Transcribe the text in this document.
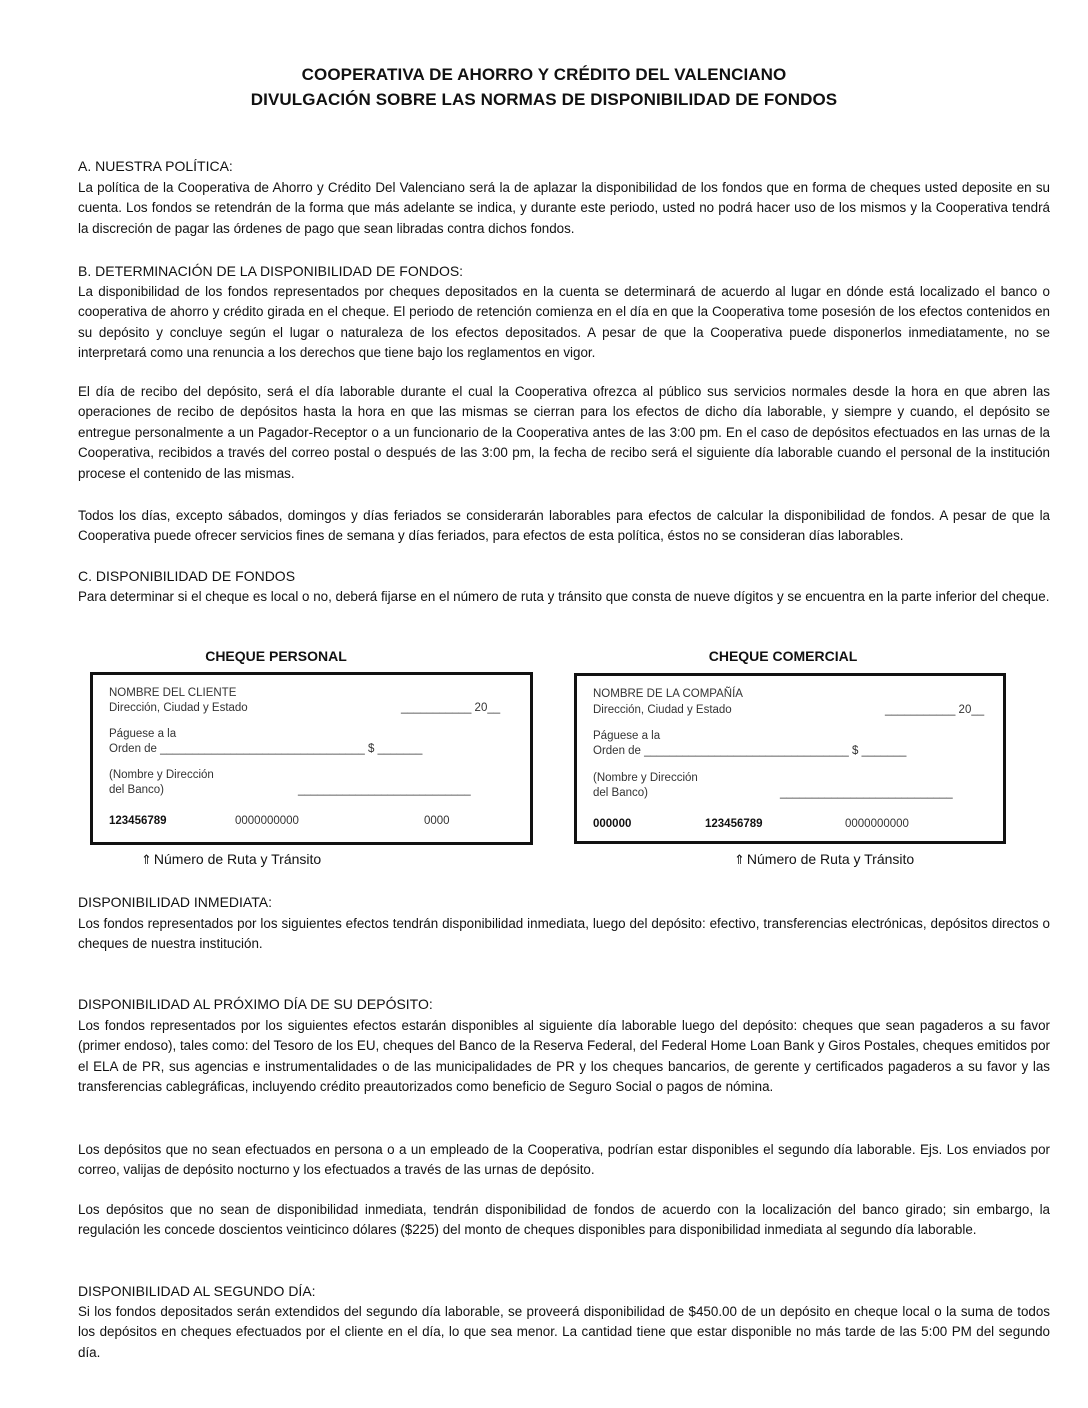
COOPERATIVA DE AHORRO Y CRÉDITO DEL VALENCIANO
DIVULGACIÓN SOBRE LAS NORMAS DE DISPONIBILIDAD DE FONDOS
A. NUESTRA POLÍTICA:
La política de la Cooperativa de Ahorro y Crédito Del Valenciano será la de aplazar la disponibilidad de los fondos que en forma de cheques usted deposite en su cuenta. Los fondos se retendrán de la forma que más adelante se indica, y durante este periodo, usted no podrá hacer uso de los mismos y la Cooperativa tendrá la discreción de pagar las órdenes de pago que sean libradas contra dichos fondos.
B. DETERMINACIÓN DE LA DISPONIBILIDAD DE FONDOS:
La disponibilidad de los fondos representados por cheques depositados en la cuenta se determinará de acuerdo al lugar en dónde está localizado el banco o cooperativa de ahorro y crédito girada en el cheque. El periodo de retención comienza en el día en que la Cooperativa tome posesión de los efectos contenidos en su depósito y concluye según el lugar o naturaleza de los efectos depositados. A pesar de que la Cooperativa puede disponerlos inmediatamente, no se interpretará como una renuncia a los derechos que tiene bajo los reglamentos en vigor.
El día de recibo del depósito, será el día laborable durante el cual la Cooperativa ofrezca al público sus servicios normales desde la hora en que abren las operaciones de recibo de depósitos hasta la hora en que las mismas se cierran para los efectos de dicho día laborable, y siempre y cuando, el depósito se entregue personalmente a un Pagador-Receptor o a un funcionario de la Cooperativa antes de las 3:00 pm. En el caso de depósitos efectuados en las urnas de la Cooperativa, recibidos a través del correo postal o después de las 3:00 pm, la fecha de recibo será el siguiente día laborable cuando el personal de la institución procese el contenido de las mismas.
Todos los días, excepto sábados, domingos y días feriados se considerarán laborables para efectos de calcular la disponibilidad de fondos. A pesar de que la Cooperativa puede ofrecer servicios fines de semana y días feriados, para efectos de esta política, éstos no se consideran días laborables.
C. DISPONIBILIDAD DE FONDOS
Para determinar si el cheque es local o no, deberá fijarse en el número de ruta y tránsito que consta de nueve dígitos y se encuentra en la parte inferior del cheque.
CHEQUE PERSONAL
NOMBRE DEL CLIENTE
Dirección, Ciudad y Estado	___________ 20__
Páguese a la
Orden de ________________________________ $ _______
(Nombre y Dirección
del Banco)	___________________________
123456789	0000000000	0000
⇑ Número de Ruta y Tránsito
CHEQUE COMERCIAL
NOMBRE DE LA COMPAÑÍA
Dirección, Ciudad y Estado	___________ 20__
Páguese a la
Orden de ________________________________ $ _______
(Nombre y Dirección
del Banco)	___________________________
000000	123456789	0000000000
⇑ Número de Ruta y Tránsito
DISPONIBILIDAD INMEDIATA:
Los fondos representados por los siguientes efectos tendrán disponibilidad inmediata, luego del depósito: efectivo, transferencias electrónicas, depósitos directos o cheques de nuestra institución.
DISPONIBILIDAD AL PRÓXIMO DÍA DE SU DEPÓSITO:
Los fondos representados por los siguientes efectos estarán disponibles al siguiente día laborable luego del depósito: cheques que sean pagaderos a su favor (primer endoso), tales como: del Tesoro de los EU, cheques del Banco de la Reserva Federal, del Federal Home Loan Bank y Giros Postales, cheques emitidos por el ELA de PR, sus agencias e instrumentalidades o de las municipalidades de PR y los cheques bancarios, de gerente y certificados pagaderos a su favor y las transferencias cablegráficas, incluyendo crédito preautorizados como beneficio de Seguro Social o pagos de nómina.
Los depósitos que no sean efectuados en persona o a un empleado de la Cooperativa, podrían estar disponibles el segundo día laborable. Ejs. Los enviados por correo, valijas de depósito nocturno y los efectuados a través de las urnas de depósito.
Los depósitos que no sean de disponibilidad inmediata, tendrán disponibilidad de fondos de acuerdo con la localización del banco girado; sin embargo, la regulación les concede doscientos veinticinco dólares ($225) del monto de cheques disponibles para disponibilidad inmediata al segundo día laborable.
DISPONIBILIDAD AL SEGUNDO DÍA:
Si los fondos depositados serán extendidos del segundo día laborable, se proveerá disponibilidad de $450.00 de un depósito en cheque local o la suma de todos los depósitos en cheques efectuados por el cliente en el día, lo que sea menor. La cantidad tiene que estar disponible no más tarde de las 5:00 PM del segundo día.
